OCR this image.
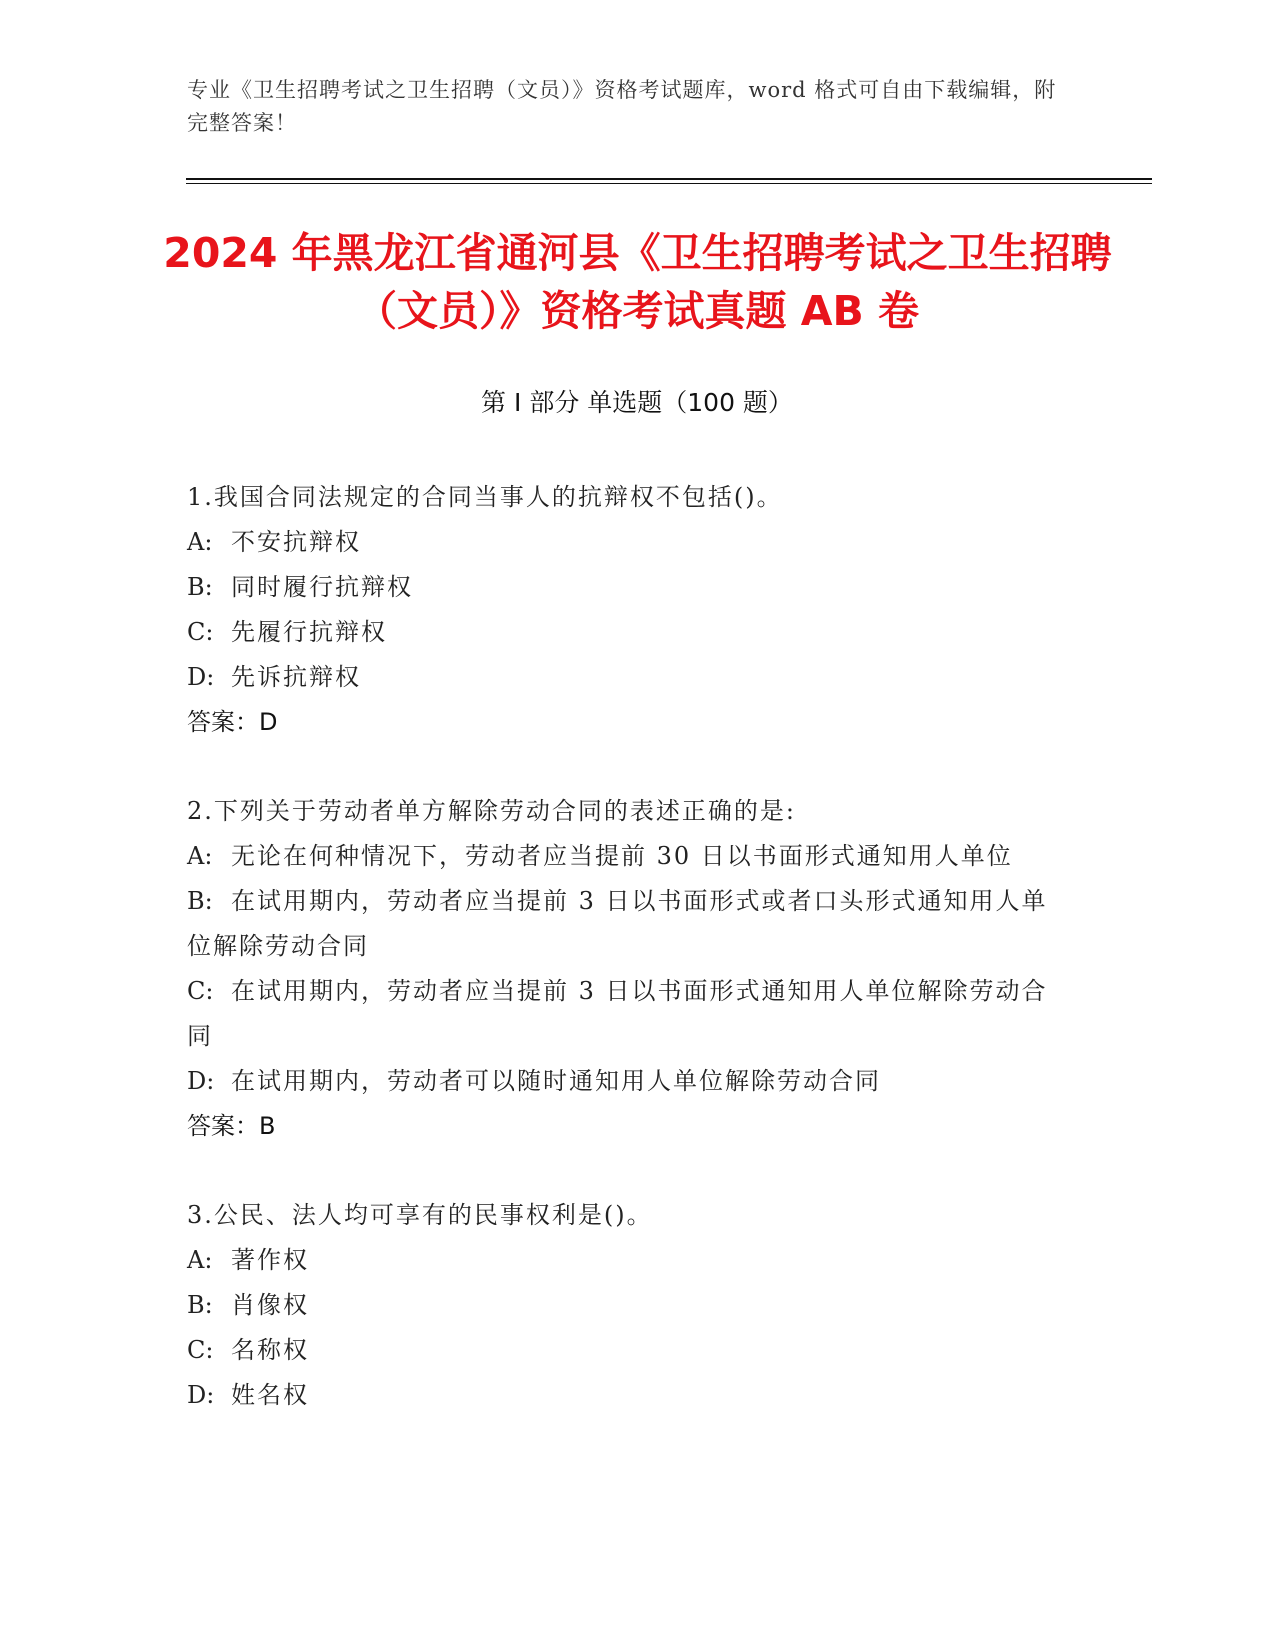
专业《卫生招聘考试之卫生招聘（文员）》资格考试题库，word 格式可自由下载编辑，附完整答案！
2024 年黑龙江省通河县《卫生招聘考试之卫生招聘（文员）》资格考试真题 AB 卷
第 I 部分 单选题（100 题）
1.我国合同法规定的合同当事人的抗辩权不包括()。
A: 不安抗辩权
B: 同时履行抗辩权
C: 先履行抗辩权
D: 先诉抗辩权
答案：D
2.下列关于劳动者单方解除劳动合同的表述正确的是:
A: 无论在何种情况下，劳动者应当提前 30 日以书面形式通知用人单位
B: 在试用期内，劳动者应当提前 3 日以书面形式或者口头形式通知用人单位解除劳动合同
C: 在试用期内，劳动者应当提前 3 日以书面形式通知用人单位解除劳动合同
D: 在试用期内，劳动者可以随时通知用人单位解除劳动合同
答案：B
3.公民、法人均可享有的民事权利是()。
A: 著作权
B: 肖像权
C: 名称权
D: 姓名权
